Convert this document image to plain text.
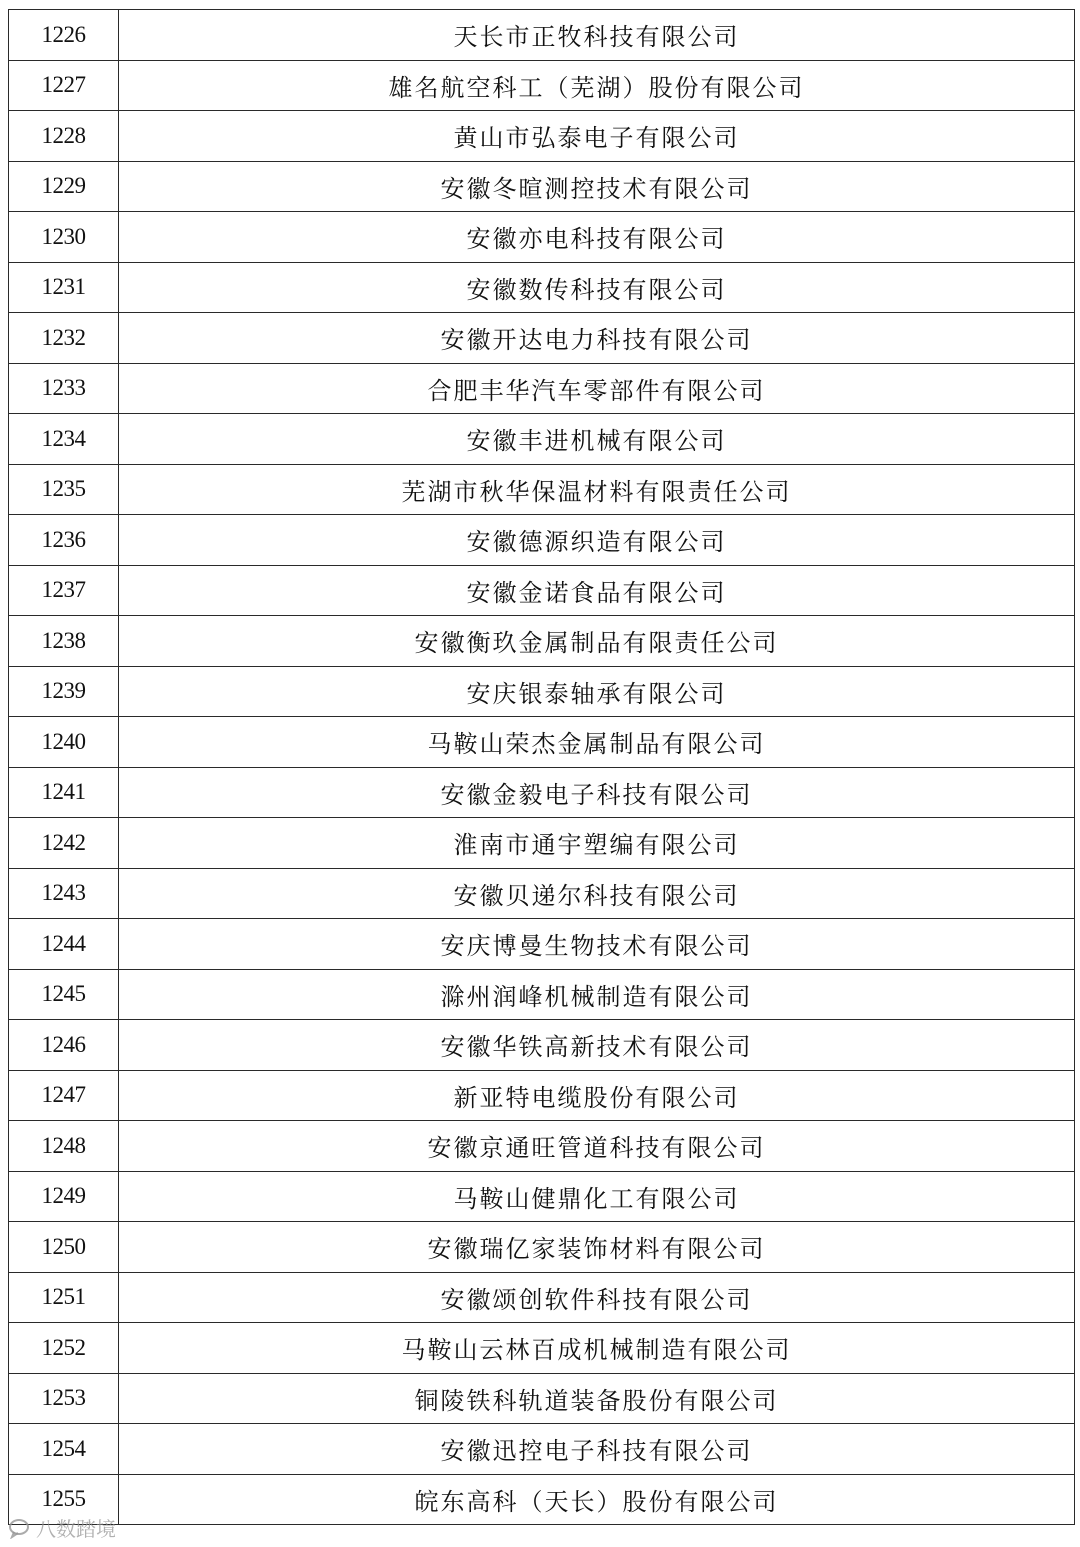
1226	天长市正牧科技有限公司
1227	雄名航空科工（芜湖）股份有限公司
1228	黄山市弘泰电子有限公司
1229	安徽冬暄测控技术有限公司
1230	安徽亦电科技有限公司
1231	安徽数传科技有限公司
1232	安徽开达电力科技有限公司
1233	合肥丰华汽车零部件有限公司
1234	安徽丰进机械有限公司
1235	芜湖市秋华保温材料有限责任公司
1236	安徽德源织造有限公司
1237	安徽金诺食品有限公司
1238	安徽衡玖金属制品有限责任公司
1239	安庆银泰轴承有限公司
1240	马鞍山荣杰金属制品有限公司
1241	安徽金毅电子科技有限公司
1242	淮南市通宇塑编有限公司
1243	安徽贝递尔科技有限公司
1244	安庆博曼生物技术有限公司
1245	滁州润峰机械制造有限公司
1246	安徽华铁高新技术有限公司
1247	新亚特电缆股份有限公司
1248	安徽京通旺管道科技有限公司
1249	马鞍山健鼎化工有限公司
1250	安徽瑞亿家装饰材料有限公司
1251	安徽颂创软件科技有限公司
1252	马鞍山云林百成机械制造有限公司
1253	铜陵铁科轨道装备股份有限公司
1254	安徽迅控电子科技有限公司
1255	皖东高科（天长）股份有限公司
八数踏境
